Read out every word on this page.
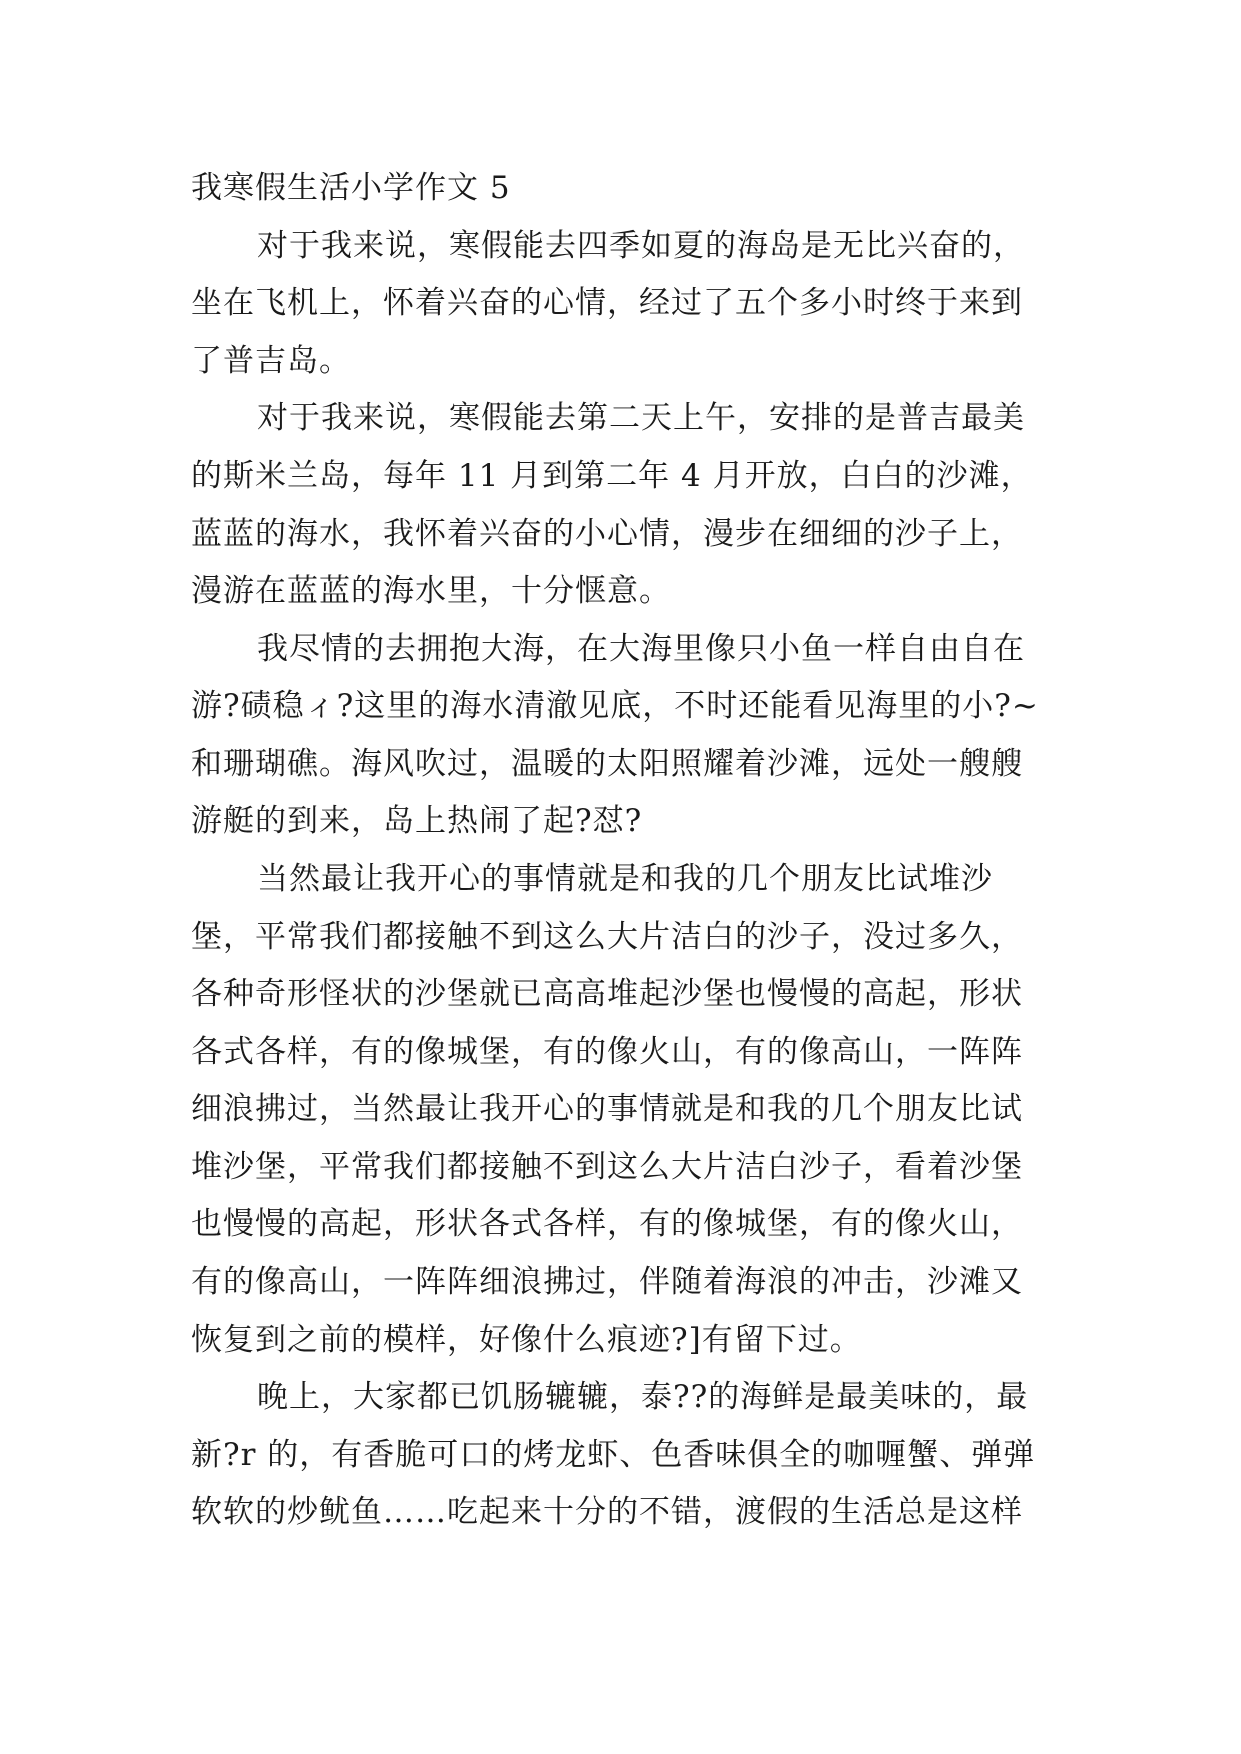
我寒假生活小学作文 5
对于我来说，寒假能去四季如夏的海岛是无比兴奋的，
坐在飞机上，怀着兴奋的心情，经过了五个多小时终于来到
了普吉岛。
对于我来说，寒假能去第二天上午，安排的是普吉最美
的斯米兰岛，每年 11 月到第二年 4 月开放，白白的沙滩，
蓝蓝的海水，我怀着兴奋的小心情，漫步在细细的沙子上，
漫游在蓝蓝的海水里，十分惬意。
我尽情的去拥抱大海，在大海里像只小鱼一样自由自在
游?碛稳ィ?这里的海水清澈见底，不时还能看见海里的小?~
和珊瑚礁。海风吹过，温暖的太阳照耀着沙滩，远处一艘艘
游艇的到来，岛上热闹了起?怼?
当然最让我开心的事情就是和我的几个朋友比试堆沙
堡，平常我们都接触不到这么大片洁白的沙子，没过多久，
各种奇形怪状的沙堡就已高高堆起沙堡也慢慢的高起，形状
各式各样，有的像城堡，有的像火山，有的像高山，一阵阵
细浪拂过，当然最让我开心的事情就是和我的几个朋友比试
堆沙堡，平常我们都接触不到这么大片洁白沙子，看着沙堡
也慢慢的高起，形状各式各样，有的像城堡，有的像火山，
有的像高山，一阵阵细浪拂过，伴随着海浪的冲击，沙滩又
恢复到之前的模样，好像什么痕迹?]有留下过。
晚上，大家都已饥肠辘辘，泰??的海鲜是最美味的，最
新?r 的，有香脆可口的烤龙虾、色香味俱全的咖喱蟹、弹弹
软软的炒鱿鱼……吃起来十分的不错，渡假的生活总是这样
